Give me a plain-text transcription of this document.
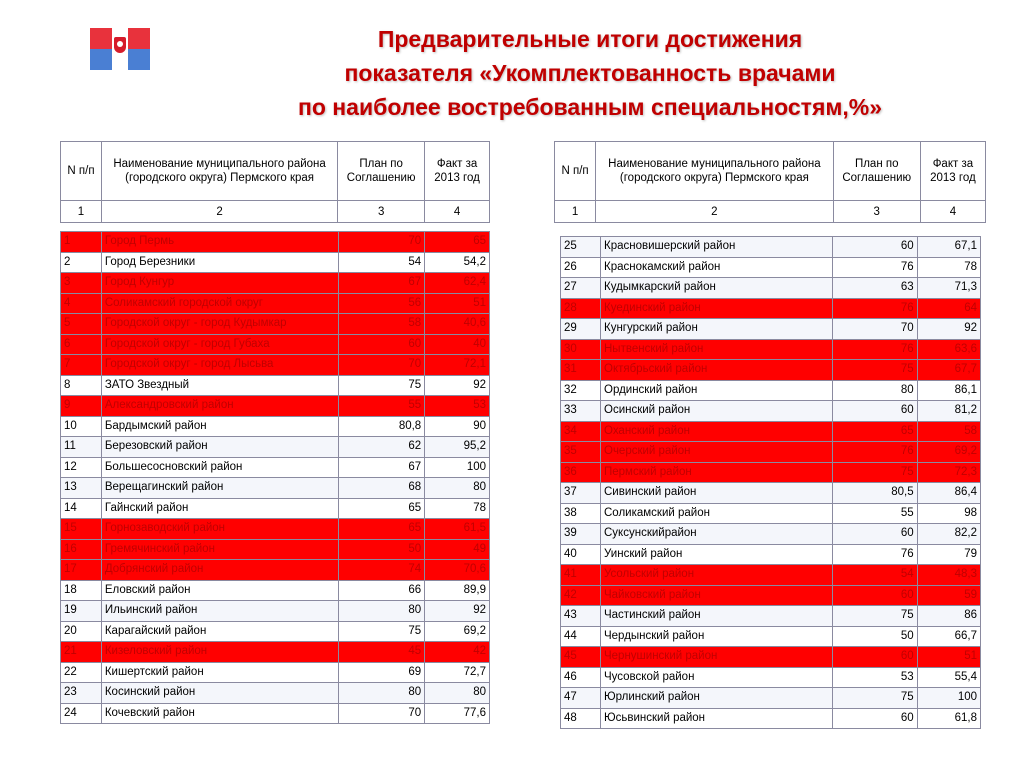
Предварительные итоги достижения
показателя «Укомплектованность врачами
по наиболее востребованным специальностям,%»
N п/п	Наименование муниципального района (городского округа) Пермского края	План по Соглашению	Факт за 2013 год
1	2	3	4
N п/п	Наименование муниципального района (городского округа) Пермского края	План по Соглашению	Факт за 2013 год
1	2	3	4
1	Город Пермь	70	65
2	Город Березники	54	54,2
3	Город Кунгур	67	62,4
4	Соликамский городской округ	56	51
5	Городской округ - город Кудымкар	58	40,6
6	Городской округ - город Губаха	60	40
7	Городской округ - город Лысьва	70	72,1
8	ЗАТО Звездный	75	92
9	Александровский район	55	53
10	Бардымский район	80,8	90
11	Березовский район	62	95,2
12	Большесосновский район	67	100
13	Верещагинский район	68	80
14	Гайнский район	65	78
15	Горнозаводский район	65	61,5
16	Гремячинский район	50	49
17	Добрянский район	74	70,6
18	Еловский район	66	89,9
19	Ильинский район	80	92
20	Карагайский район	75	69,2
21	Кизеловский район	45	42
22	Кишертский район	69	72,7
23	Косинский район	80	80
24	Кочевский район	70	77,6
25	Красновишерский район	60	67,1
26	Краснокамский район	76	78
27	Кудымкарский район	63	71,3
28	Куединский район	76	64
29	Кунгурский район	70	92
30	Нытвенский район	76	63,6
31	Октябрьский район	75	67,7
32	Ординский район	80	86,1
33	Осинский район	60	81,2
34	Оханский район	65	58
35	Очерский район	76	69,2
36	Пермский район	75	72,3
37	Сивинский район	80,5	86,4
38	Соликамский район	55	98
39	Суксунскийрайон	60	82,2
40	Уинский район	76	79
41	Усольский район	54	48,3
42	Чайковский район	60	59
43	Частинский район	75	86
44	Чердынский район	50	66,7
45	Чернушинский район	60	51
46	Чусовской район	53	55,4
47	Юрлинский район	75	100
48	Юсьвинский район	60	61,8
